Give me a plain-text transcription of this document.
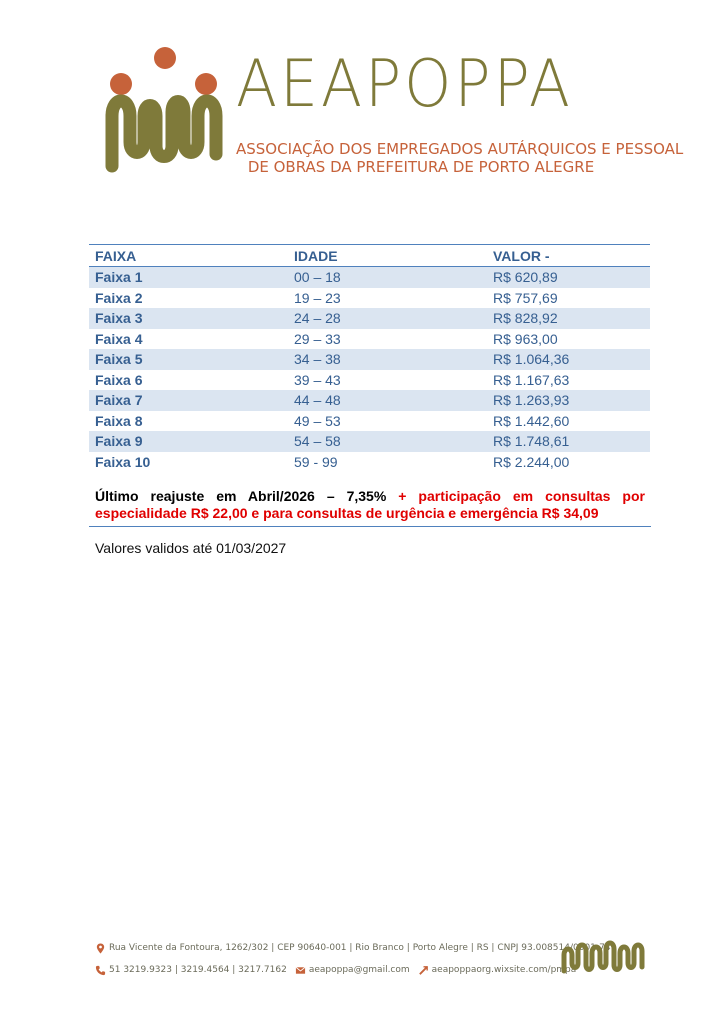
AEAPOPPA
ASSOCIAÇÃO DOS EMPREGADOS AUTÁRQUICOS E PESSOAL
DE OBRAS DA PREFEITURA DE PORTO ALEGRE
FAIXA	IDADE	VALOR -
Faixa 1	00 – 18	R$ 620,89
Faixa 2	19 – 23	R$ 757,69
Faixa 3	24 – 28	R$ 828,92
Faixa 4	29 – 33	R$ 963,00
Faixa 5	34 – 38	R$ 1.064,36
Faixa 6	39 – 43	R$ 1.167,63
Faixa 7	44 – 48	R$ 1.263,93
Faixa 8	49 – 53	R$ 1.442,60
Faixa 9	54 – 58	R$ 1.748,61
Faixa 10	59 - 99	R$ 2.244,00
Último reajuste em Abril/2026 – 7,35% + participação em consultas por especialidade R$ 22,00 e para consultas de urgência e emergência R$ 34,09
Valores validos até 01/03/2027
Rua Vicente da Fontoura, 1262/302 | CEP 90640-001 | Rio Branco | Porto Alegre | RS | CNPJ 93.008514/0001-74
51 3219.9323 | 3219.4564 | 3217.7162 aeapoppa@gmail.com aeapoppaorg.wixsite.com/pmpa
